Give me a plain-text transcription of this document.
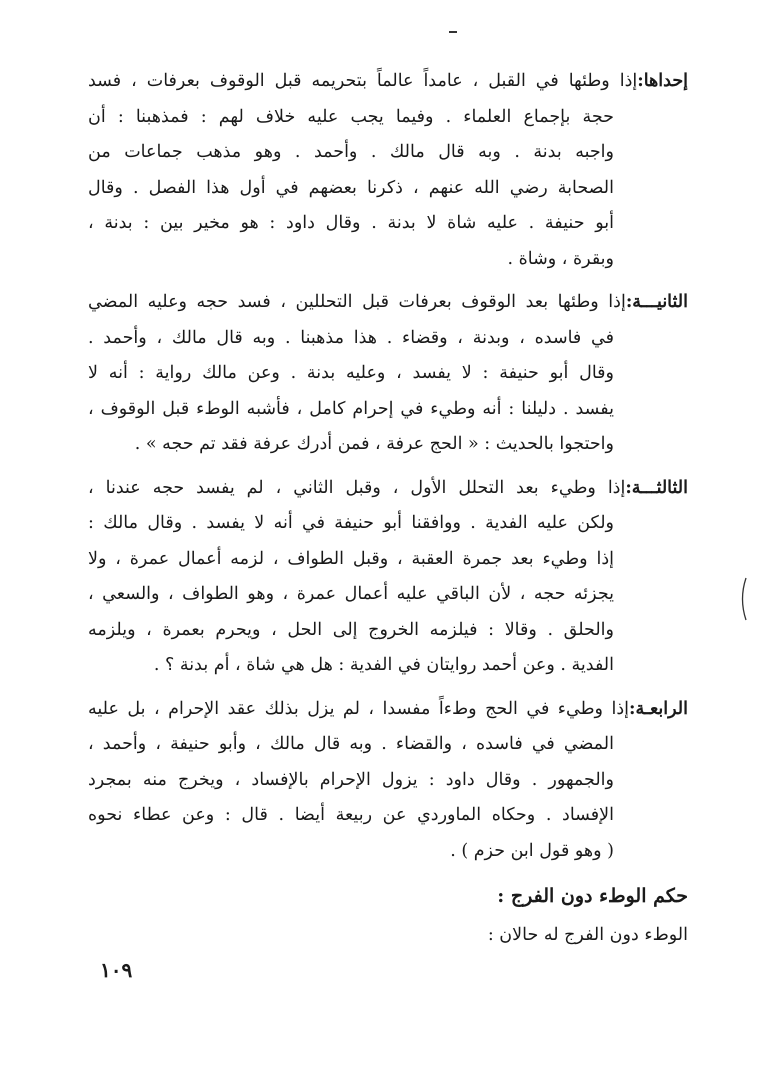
إحداها:إذا وطئها في القبل ، عامداً عالماً بتحريمه قبل الوقوف بعرفات ، فسد
حجة بإجماع العلماء . وفيما يجب عليه خلاف لهم : فمذهبنا : أن
واجبه بدنة . وبه قال مالك . وأحمد . وهو مذهب جماعات من
الصحابة رضي الله عنهم ، ذكرنا بعضهم في أول هذا الفصل . وقال
أبو حنيفة . عليه شاة لا بدنة . وقال داود : هو مخير بين : بدنة ،
وبقرة ، وشاة .
الثانيـــة:إذا وطئها بعد الوقوف بعرفات قبل التحللين ، فسد حجه وعليه المضي
في فاسده ، وبدنة ، وقضاء . هذا مذهبنا . وبه قال مالك ، وأحمد .
وقال أبو حنيفة : لا يفسد ، وعليه بدنة . وعن مالك رواية : أنه لا
يفسد . دليلنا : أنه وطيء في إحرام كامل ، فأشبه الوطء قبل الوقوف ،
واحتجوا بالحديث : « الحج عرفة ، فمن أدرك عرفة فقد تم حجه » .
الثالثـــة:إذا وطيء بعد التحلل الأول ، وقبل الثاني ، لم يفسد حجه عندنا ،
ولكن عليه الفدية . ووافقنا أبو حنيفة في أنه لا يفسد . وقال مالك :
إذا وطيء بعد جمرة العقبة ، وقبل الطواف ، لزمه أعمال عمرة ، ولا
يجزئه حجه ، لأن الباقي عليه أعمال عمرة ، وهو الطواف ، والسعي ،
والحلق . وقالا : فيلزمه الخروج إلى الحل ، ويحرم بعمرة ، ويلزمه
الفدية . وعن أحمد روايتان في الفدية : هل هي شاة ، أم بدنة ؟ .
الرابعـة:إذا وطيء في الحج وطءاً مفسدا ، لم يزل بذلك عقد الإحرام ، بل عليه
المضي في فاسده ، والقضاء . وبه قال مالك ، وأبو حنيفة ، وأحمد ،
والجمهور . وقال داود : يزول الإحرام بالإفساد ، ويخرج منه بمجرد
الإفساد . وحكاه الماوردي عن ربيعة أيضا . قال : وعن عطاء نحوه
( وهو قول ابن حزم ) .
حكم الوطء دون الفرج :
الوطء دون الفرج له حالان :
١٠٩
